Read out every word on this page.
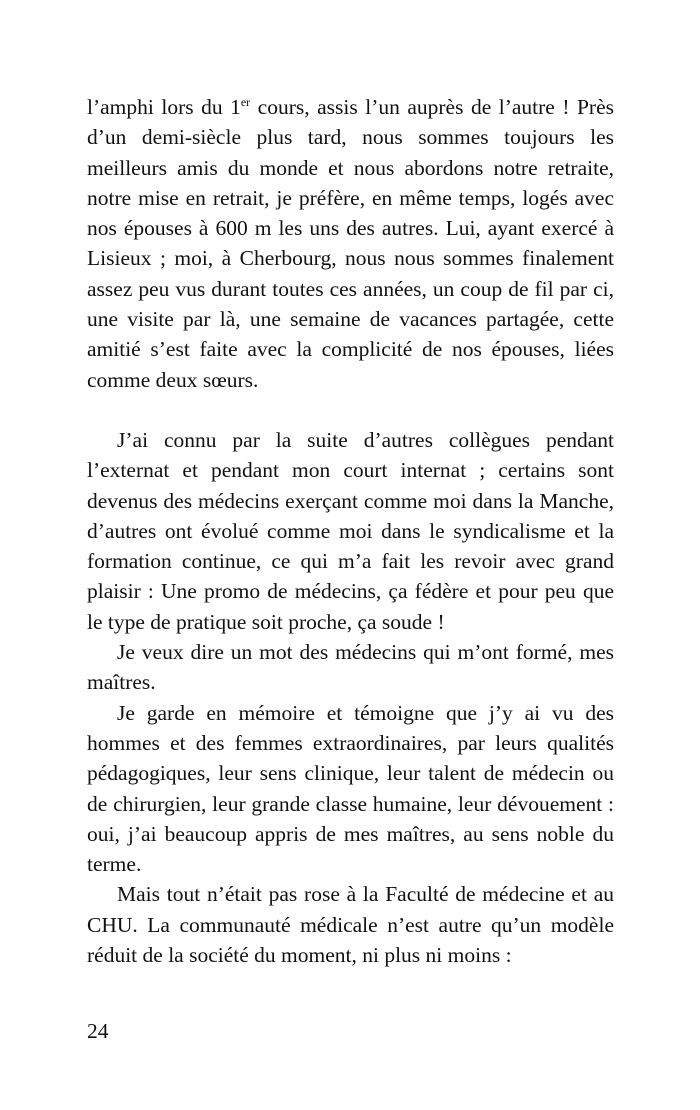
l’amphi lors du 1er cours, assis l’un auprès de l’autre ! Près d’un demi-siècle plus tard, nous sommes toujours les meilleurs amis du monde et nous abordons notre retraite, notre mise en retrait, je préfère, en même temps, logés avec nos épouses à 600 m les uns des autres. Lui, ayant exercé à Lisieux ; moi, à Cherbourg, nous nous sommes finalement assez peu vus durant toutes ces années, un coup de fil par ci, une visite par là, une semaine de vacances partagée, cette amitié s’est faite avec la complicité de nos épouses, liées comme deux sœurs.

J’ai connu par la suite d’autres collègues pendant l’externat et pendant mon court internat ; certains sont devenus des médecins exerçant comme moi dans la Manche, d’autres ont évolué comme moi dans le syndicalisme et la formation continue, ce qui m’a fait les revoir avec grand plaisir : Une promo de médecins, ça fédère et pour peu que le type de pratique soit proche, ça soude !

Je veux dire un mot des médecins qui m’ont formé, mes maîtres.

Je garde en mémoire et témoigne que j’y ai vu des hommes et des femmes extraordinaires, par leurs qualités pédagogiques, leur sens clinique, leur talent de médecin ou de chirurgien, leur grande classe humaine, leur dévouement : oui, j’ai beaucoup appris de mes maîtres, au sens noble du terme.

Mais tout n’était pas rose à la Faculté de médecine et au CHU. La communauté médicale n’est autre qu’un modèle réduit de la société du moment, ni plus ni moins :

24
